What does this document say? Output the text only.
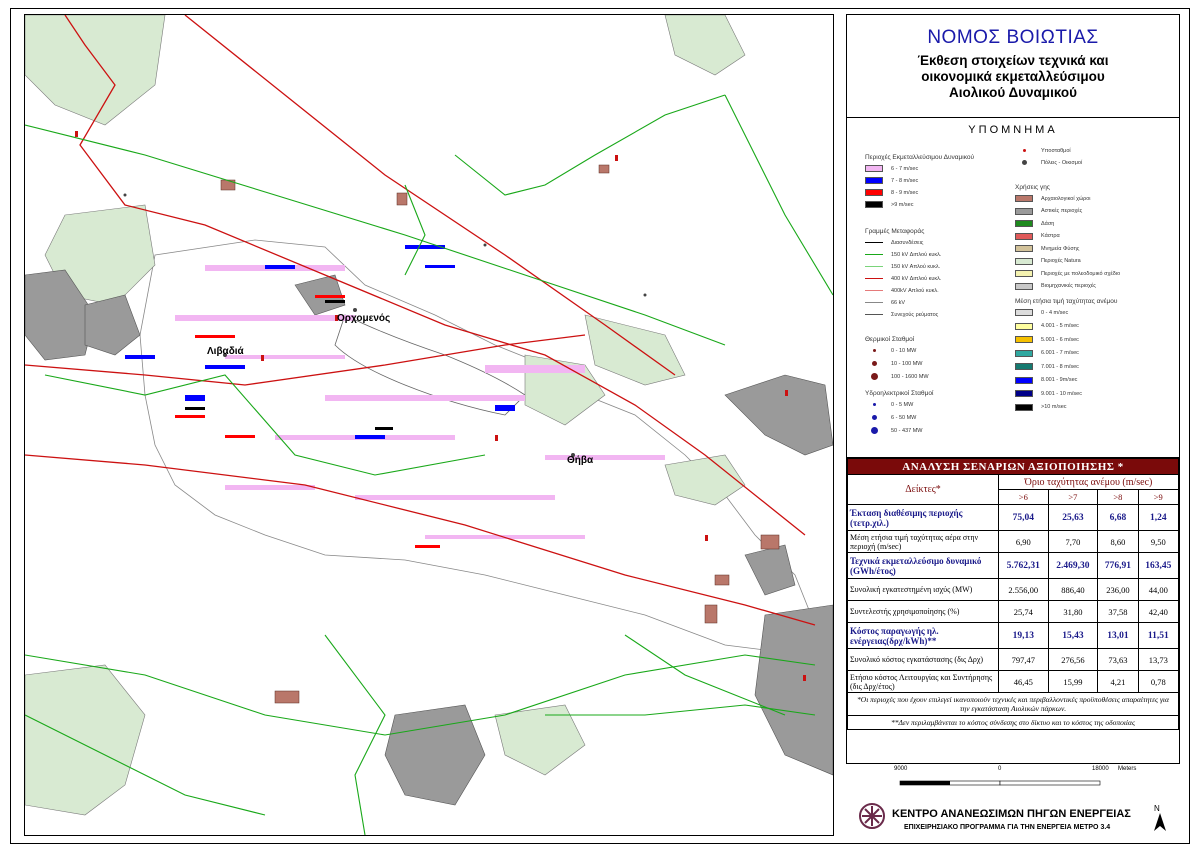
Ορχομενός
Λιβαδιά
Θήβα
ΝΟΜΟΣ ΒΟΙΩΤΙΑΣ
Έκθεση στοιχείων τεχνικά και
οικονομικά εκμεταλλεύσιμου
Αιολικού Δυναμικού
ΥΠΟΜΝΗΜΑ
Περιοχές Εκμεταλλεύσιμου Δυναμικού
6 - 7 m/sec
7 - 8 m/sec
8 - 9 m/sec
>9 m/sec
Γραμμές Μεταφοράς
Διασυνδέσεις
150 kV Διπλού κυκλ.
150 kV Απλού κυκλ.
400 kV Διπλού κυκλ.
400kV Απλού κυκλ.
66 kV
Συνεχούς ρεύματος
Θερμικοί Σταθμοί
0 - 10 MW
10 - 100 MW
100 - 1600 MW
Υδροηλεκτρικοί Σταθμοί
0 - 5 MW
6 - 50 MW
50 - 437 MW
Υποσταθμοί
Πόλεις - Οικισμοί
Χρήσεις γης
Αρχαιολογικοί χώροι
Αστικές περιοχές
Δάση
Κάστρα
Μνημεία Φύσης
Περιοχές Natura
Περιοχές με πολεοδομικό σχέδιο
Βιομηχανικές περιοχές
Μέση ετήσια τιμή ταχύτητας ανέμου
0 - 4 m/sec
4.001 - 5 m/sec
5.001 - 6 m/sec
6.001 - 7 m/sec
7.001 - 8 m/sec
8.001 - 9m/sec
9.001 - 10 m/sec
>10 m/sec
ΑΝΑΛΥΣΗ ΣΕΝΑΡΙΩΝ ΑΞΙΟΠΟΙΗΣΗΣ *				
Δείκτες*	Όριο ταχύτητας ανέμου (m/sec)			
	>6	>7	>8	>9
Έκταση διαθέσιμης περιοχής (τετρ.χιλ.)	75,04	25,63	6,68	1,24
Μέση ετήσια τιμή ταχύτητας αέρα στην περιοχή (m/sec)	6,90	7,70	8,60	9,50
Τεχνικά εκμεταλλεύσιμο δυναμικό (GWh/έτος)	5.762,31	2.469,30	776,91	163,45
Συνολική εγκατεστημένη ισχύς (MW)	2.556,00	886,40	236,00	44,00
Συντελεστής χρησιμοποίησης (%)	25,74	31,80	37,58	42,40
Κόστος παραγωγής ηλ. ενέργειας(δρχ/kWh)**	19,13	15,43	13,01	11,51
Συνολικό κόστος εγκατάστασης (δις Δρχ)	797,47	276,56	73,63	13,73
Ετήσιο κόστος Λειτουργίας και Συντήρησης (δις Δρχ/έτος)	46,45	15,99	4,21	0,78
*Οι περιοχές που έχουν επιλεγεί ικανοποιούν τεχνικές και περιβαλλοντικές προϋποθέσεις απαραίτητες για την εγκατάσταση Αιολικών πάρκων.				
**Δεν περιλαμβάνεται το κόστος σύνδεσης στο δίκτυο και το κόστος της οδοποιίας				
9000	0	18000 Meters
ΚΕΝΤΡΟ ΑΝΑΝΕΩΣΙΜΩΝ ΠΗΓΩΝ ΕΝΕΡΓΕΙΑΣ
ΕΠΙΧΕΙΡΗΣΙΑΚΟ ΠΡΟΓΡΑΜΜΑ ΓΙΑ ΤΗΝ ΕΝΕΡΓΕΙΑ ΜΕΤΡΟ 3.4
N
